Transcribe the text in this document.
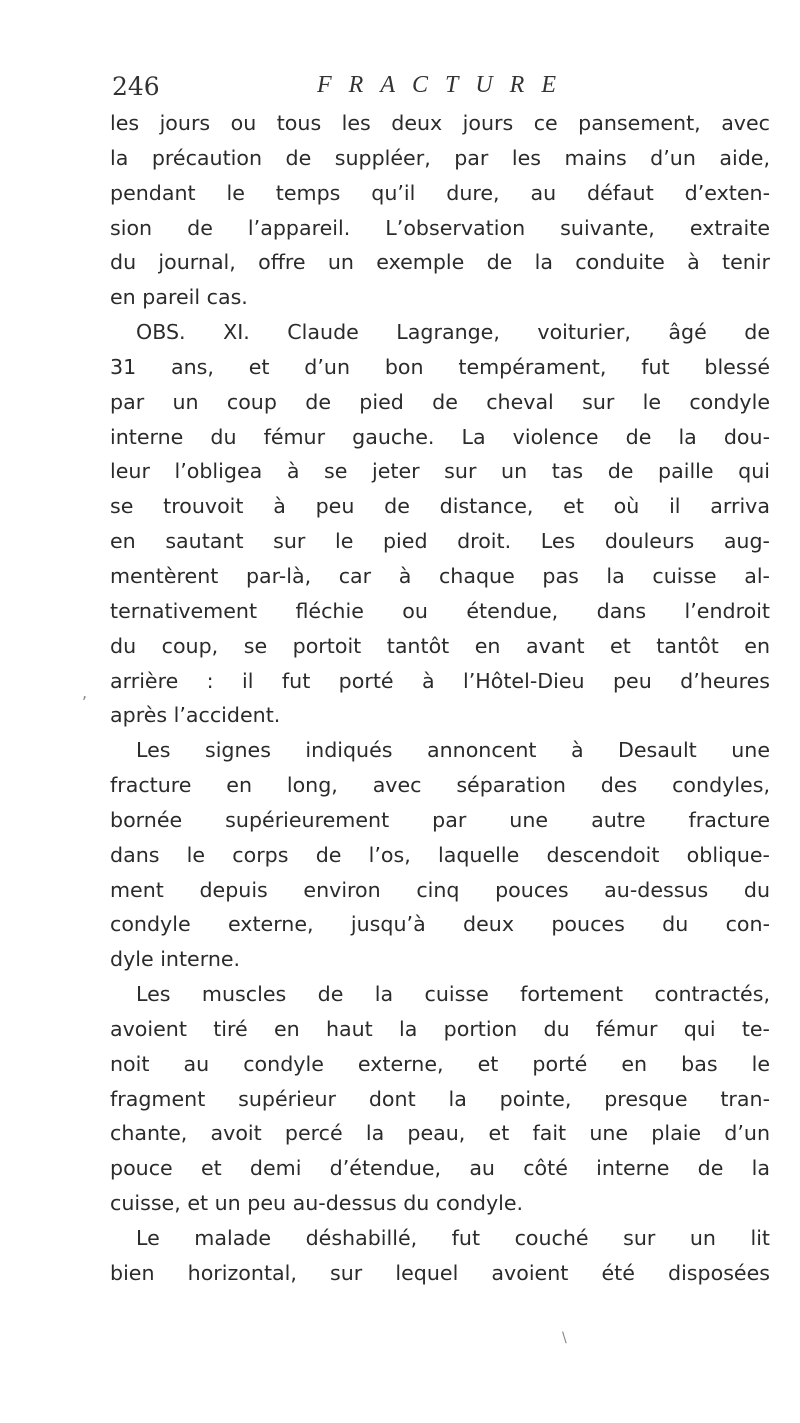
246	FRACTURE
les jours ou tous les deux jours ce pansement, avec
la précaution de suppléer, par les mains d’un aide,
pendant le temps qu’il dure, au défaut d’exten-
sion de l’appareil. L’observation suivante, extraite
du journal, offre un exemple de la conduite à tenir
en pareil cas.
OBS. XI. Claude Lagrange, voiturier, âgé de
31 ans, et d’un bon tempérament, fut blessé
par un coup de pied de cheval sur le condyle
interne du fémur gauche. La violence de la dou-
leur l’obligea à se jeter sur un tas de paille qui
se trouvoit à peu de distance, et où il arriva
en sautant sur le pied droit. Les douleurs aug-
mentèrent par-là, car à chaque pas la cuisse al-
ternativement fléchie ou étendue, dans l’endroit
du coup, se portoit tantôt en avant et tantôt en
arrière : il fut porté à l’Hôtel-Dieu peu d’heures
après l’accident.
Les signes indiqués annoncent à Desault une
fracture en long, avec séparation des condyles,
bornée supérieurement par une autre fracture
dans le corps de l’os, laquelle descendoit oblique-
ment depuis environ cinq pouces au-dessus du
condyle externe, jusqu’à deux pouces du con-
dyle interne.
Les muscles de la cuisse fortement contractés,
avoient tiré en haut la portion du fémur qui te-
noit au condyle externe, et porté en bas le
fragment supérieur dont la pointe, presque tran-
chante, avoit percé la peau, et fait une plaie d’un
pouce et demi d’étendue, au côté interne de la
cuisse, et un peu au-dessus du condyle.
Le malade déshabillé, fut couché sur un lit
bien horizontal, sur lequel avoient été disposées
,
\
